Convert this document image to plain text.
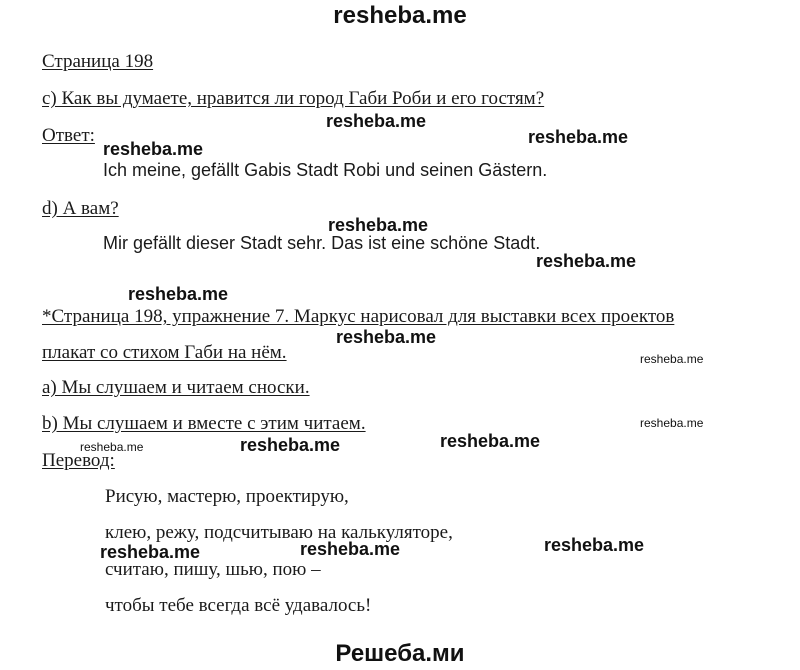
resheba.me
Страница 198
c) Как вы думаете, нравится ли город Габи Роби и его гостям?
Ответ:
Ich meine, gefällt Gabis Stadt Robi und seinen Gästern.
d) А вам?
Mir gefällt dieser Stadt sehr. Das ist eine schöne Stadt.
*Страница 198, упражнение 7. Маркус нарисовал для выставки всех проектов
плакат со стихом Габи на нём.
a) Мы слушаем и читаем сноски.
b) Мы слушаем и вместе с этим читаем.
Перевод:
Рисую, мастерю, проектирую,
клею, режу, подсчитываю на калькуляторе,
считаю, пишу, шью, пою –
чтобы тебе всегда всё удавалось!
resheba.me
resheba.me
resheba.me
resheba.me
resheba.me
resheba.me
resheba.me
resheba.me
resheba.me
resheba.me	resheba.me	resheba.me
resheba.me
resheba.me	resheba.me
Решеба.ми
